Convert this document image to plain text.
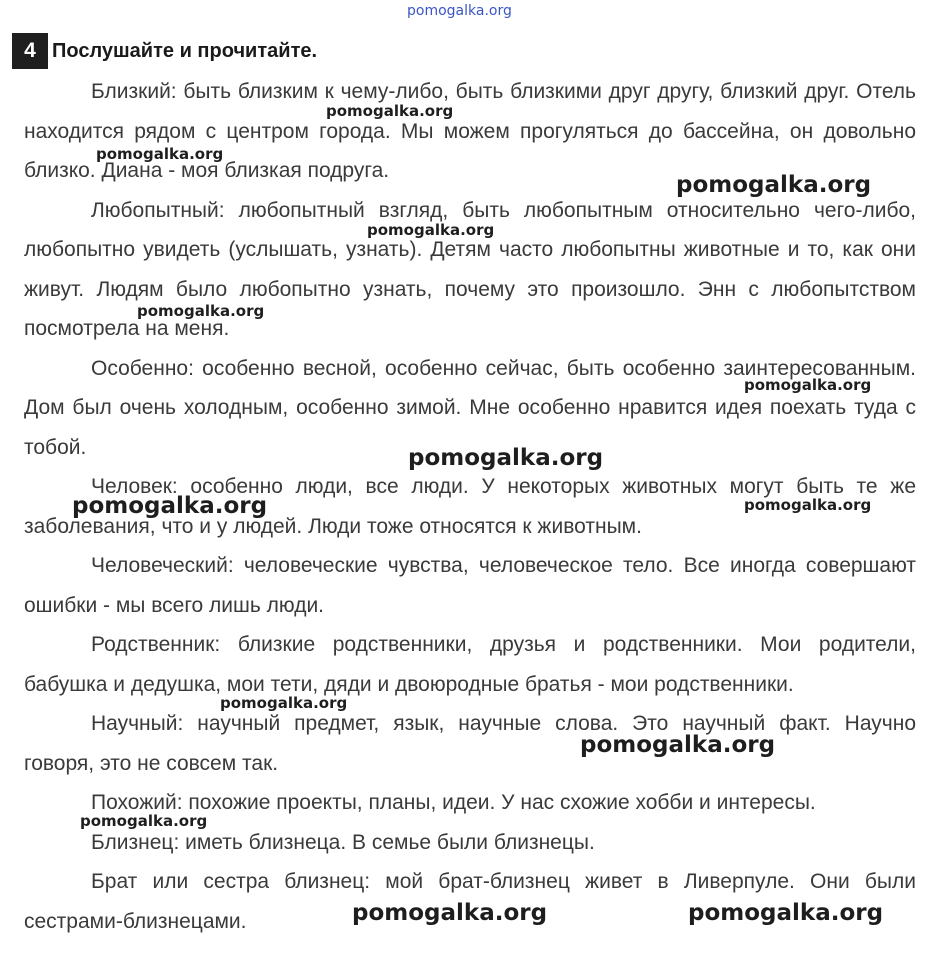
pomogalka.org
4 Послушайте и прочитайте.

Близкий: быть близким к чему-либо, быть близкими друг другу, близкий друг. Отель находится рядом с центром города. Мы можем прогуляться до бассейна, он довольно близко. Диана - моя близкая подруга.

Любопытный: любопытный взгляд, быть любопытным относительно чего-либо, любопытно увидеть (услышать, узнать). Детям часто любопытны животные и то, как они живут. Людям было любопытно узнать, почему это произошло. Энн с любопытством посмотрела на меня.

Особенно: особенно весной, особенно сейчас, быть особенно заинтересованным. Дом был очень холодным, особенно зимой. Мне особенно нравится идея поехать туда с тобой.

Человек: особенно люди, все люди. У некоторых животных могут быть те же заболевания, что и у людей. Люди тоже относятся к животным.

Человеческий: человеческие чувства, человеческое тело. Все иногда совершают ошибки - мы всего лишь люди.

Родственник: близкие родственники, друзья и родственники. Мои родители, бабушка и дедушка, мои тети, дяди и двоюродные братья - мои родственники.

Научный: научный предмет, язык, научные слова. Это научный факт. Научно говоря, это не совсем так.

Похожий: похожие проекты, планы, идеи. У нас схожие хобби и интересы.

Близнец: иметь близнеца. В семье были близнецы.

Брат или сестра близнец: мой брат-близнец живет в Ливерпуле. Они были сестрами-близнецами.

pomogalka.org
pomogalka.org
pomogalka.org
pomogalka.org
pomogalka.org
pomogalka.org
pomogalka.org
pomogalka.org	pomogalka.org
pomogalka.org
pomogalka.org
pomogalka.org
pomogalka.org	pomogalka.org
